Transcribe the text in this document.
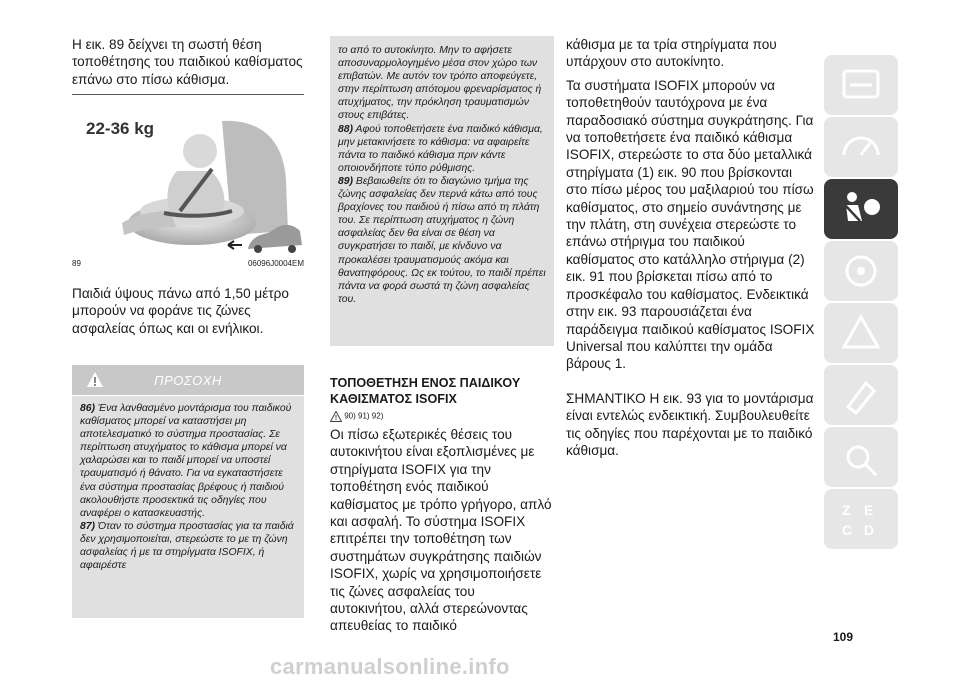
Η εικ. 89 δείχνει τη σωστή θέση τοποθέτησης του παιδικού καθίσματος επάνω στο πίσω κάθισμα.

22-36 kg
89	06096J0004EM

Παιδιά ύψους πάνω από 1,50 μέτρο μπορούν να φοράνε τις ζώνες ασφαλείας όπως και οι ενήλικοι.

ΠΡΟΣΟΧΗ

86) Ένα λανθασμένο μοντάρισμα του παιδικού καθίσματος μπορεί να καταστήσει μη αποτελεσματικό το σύστημα προστασίας. Σε περίπτωση ατυχήματος το κάθισμα μπορεί να χαλαρώσει και το παιδί μπορεί να υποστεί τραυματισμό ή θάνατο. Για να εγκαταστήσετε ένα σύστημα προστασίας βρέφους ή παιδιού ακολουθήστε προσεκτικά τις οδηγίες που αναφέρει ο κατασκευαστής.

87) Όταν το σύστημα προστασίας για τα παιδιά δεν χρησιμοποιείται, στερεώστε το με τη ζώνη ασφαλείας ή με τα στηρίγματα ISOFIX, ή αφαιρέστε

το από το αυτοκίνητο. Μην το αφήσετε αποσυναρμολογημένο μέσα στον χώρο των επιβατών. Με αυτόν τον τρόπο αποφεύγετε, στην περίπτωση απότομου φρεναρίσματος ή ατυχήματος, την πρόκληση τραυματισμών στους επιβάτες.

88) Αφού τοποθετήσετε ένα παιδικό κάθισμα, μην μετακινήσετε το κάθισμα: να αφαιρείτε πάντα το παιδικό κάθισμα πριν κάντε οποιονδήποτε τύπο ρύθμισης.

89) Βεβαιωθείτε ότι το διαγώνιο τμήμα της ζώνης ασφαλείας δεν περνά κάτω από τους βραχίονες του παιδιού ή πίσω από τη πλάτη του. Σε περίπτωση ατυχήματος η ζώνη ασφαλείας δεν θα είναι σε θέση να συγκρατήσει το παιδί, με κίνδυνο να προκαλέσει τραυματισμούς ακόμα και θανατηφόρους. Ως εκ τούτου, το παιδί πρέπει πάντα να φορά σωστά τη ζώνη ασφαλείας του.

ΤΟΠΟΘΕΤΗΣΗ ΕΝΟΣ ΠΑΙΔΙΚΟΥ ΚΑΘΙΣΜΑΤΟΣ ISOFIX
90) 91) 92)

Οι πίσω εξωτερικές θέσεις του αυτοκινήτου είναι εξοπλισμένες με στηρίγματα ISOFIX για την τοποθέτηση ενός παιδικού καθίσματος με τρόπο γρήγορο, απλό και ασφαλή. Το σύστημα ISOFIX επιτρέπει την τοποθέτηση των συστημάτων συγκράτησης παιδιών ISOFIX, χωρίς να χρησιμοποιήσετε τις ζώνες ασφαλείας του αυτοκινήτου, αλλά στερεώνοντας απευθείας το παιδικό

κάθισμα με τα τρία στηρίγματα που υπάρχουν στο αυτοκίνητο.

Τα συστήματα ISOFIX μπορούν να τοποθετηθούν ταυτόχρονα με ένα παραδοσιακό σύστημα συγκράτησης. Για να τοποθετήσετε ένα παιδικό κάθισμα ISOFIX, στερεώστε το στα δύο μεταλλικά στηρίγματα (1) εικ. 90 που βρίσκονται στο πίσω μέρος του μαξιλαριού του πίσω καθίσματος, στο σημείο συνάντησης με την πλάτη, στη συνέχεια στερεώστε το επάνω στήριγμα του παιδικού καθίσματος στο κατάλληλο στήριγμα (2) εικ. 91 που βρίσκεται πίσω από το προσκέφαλο του καθίσματος. Ενδεικτικά στην εικ. 93 παρουσιάζεται ένα παράδειγμα παιδικού καθίσματος ISOFIX Universal που καλύπτει την ομάδα βάρους 1.

ΣΗΜΑΝΤΙΚΟ Η εικ. 93 για το μοντάρισμα είναι εντελώς ενδεικτική. Συμβουλευθείτε τις οδηγίες που παρέχονται με το παιδικό κάθισμα.

Z E
C D
109
carmanualsonline.info
